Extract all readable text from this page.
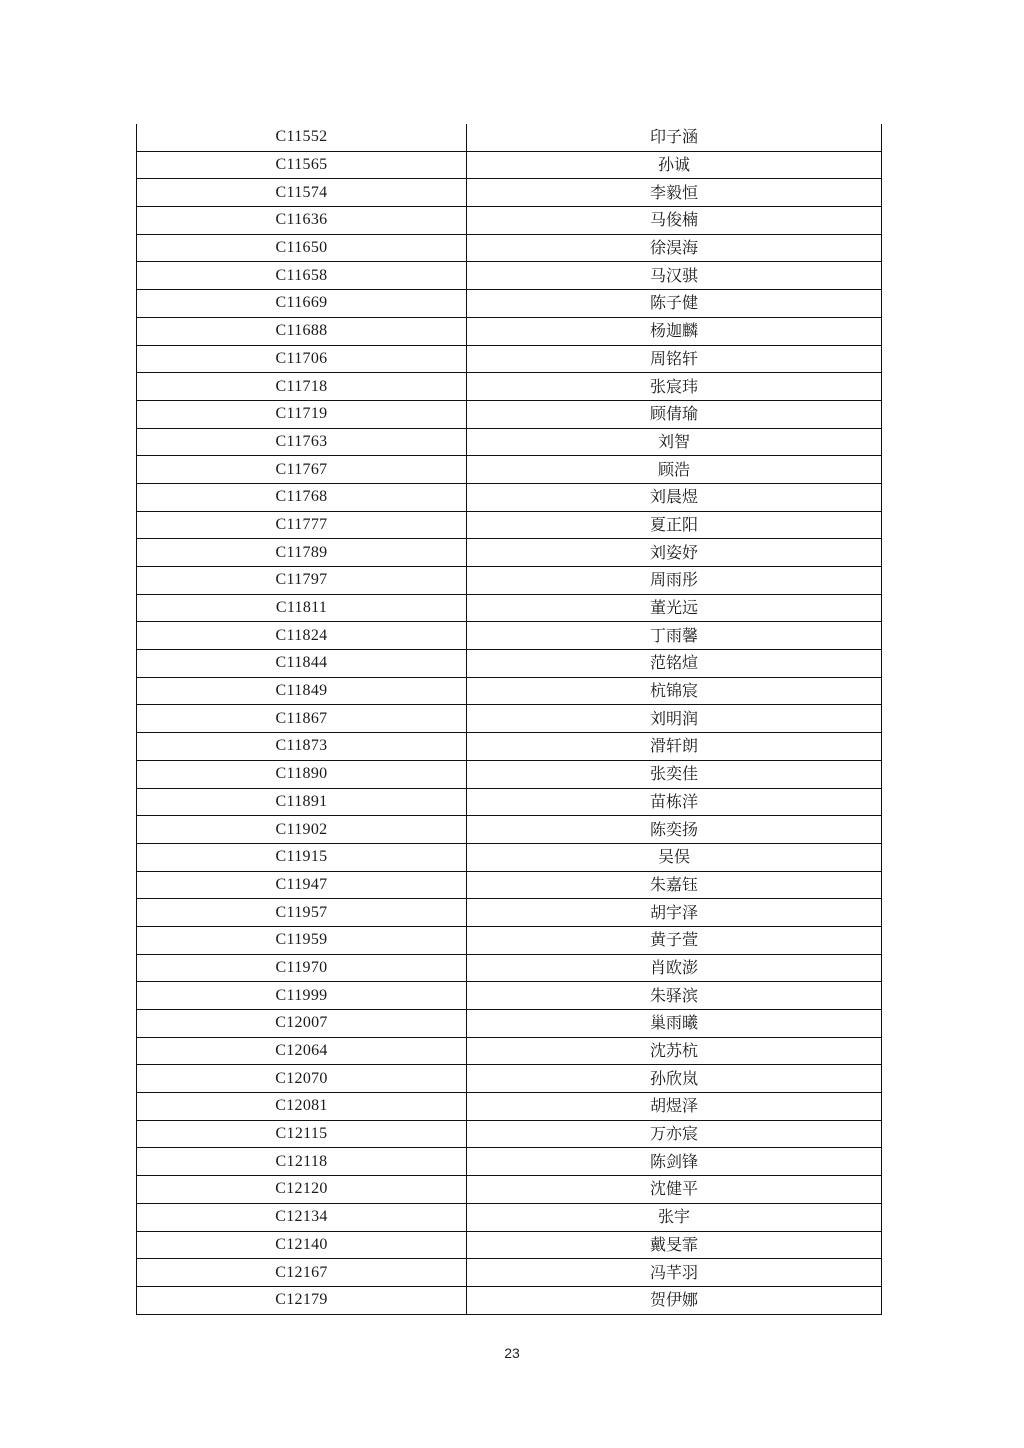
C11552	印子涵
C11565	孙诚
C11574	李毅恒
C11636	马俊楠
C11650	徐淏海
C11658	马汉骐
C11669	陈子健
C11688	杨迦麟
C11706	周铭轩
C11718	张宸玮
C11719	顾倩瑜
C11763	刘智
C11767	顾浩
C11768	刘晨煜
C11777	夏正阳
C11789	刘姿妤
C11797	周雨彤
C11811	董光远
C11824	丁雨馨
C11844	范铭煊
C11849	杭锦宸
C11867	刘明润
C11873	滑轩朗
C11890	张奕佳
C11891	苗栋洋
C11902	陈奕扬
C11915	吴俣
C11947	朱嘉钰
C11957	胡宇泽
C11959	黄子萱
C11970	肖欧澎
C11999	朱驿滨
C12007	巢雨曦
C12064	沈苏杭
C12070	孙欣岚
C12081	胡煜泽
C12115	万亦宸
C12118	陈剑锋
C12120	沈健平
C12134	张宇
C12140	戴旻霏
C12167	冯芊羽
C12179	贺伊娜
23
